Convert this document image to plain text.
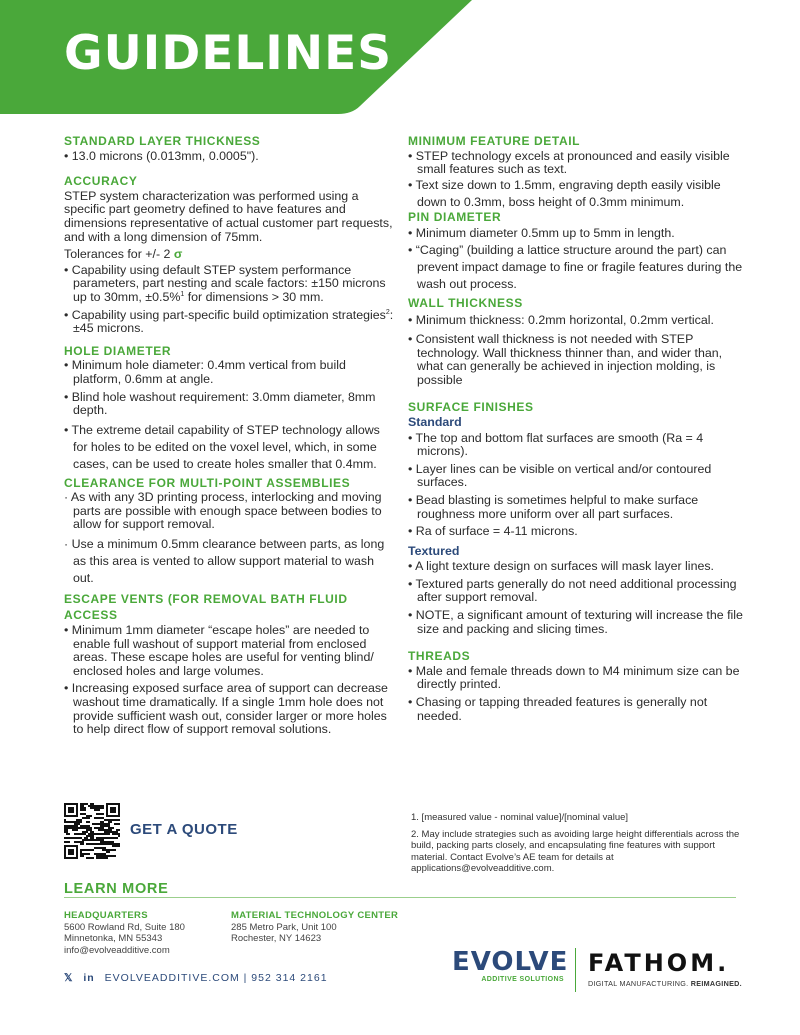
GUIDELINES
STANDARD LAYER THICKNESS
• 13.0 microns (0.013mm, 0.0005").
ACCURACY
STEP system characterization was performed using a specific part geometry defined to have features and dimensions representative of actual customer part requests, and with a long dimension of 75mm.
Tolerances for +/- 2 σ
• Capability using default STEP system performance parameters, part nesting and scale factors: ±150 microns up to 30mm, ±0.5%$^1$ for dimensions > 30 mm.
• Capability using part-specific build optimization strategies$^2$: ±45 microns.
HOLE DIAMETER
• Minimum hole diameter: 0.4mm vertical from build platform, 0.6mm at angle.
• Blind hole washout requirement: 3.0mm diameter, 8mm depth.
• The extreme detail capability of STEP technology allows for holes to be edited on the voxel level, which, in some cases, can be used to create holes smaller that 0.4mm.
CLEARANCE FOR MULTI-POINT ASSEMBLIES
· As with any 3D printing process, interlocking and moving parts are possible with enough space between bodies to allow for support removal.
· Use a minimum 0.5mm clearance between parts, as long as this area is vented to allow support material to wash out.
ESCAPE VENTS (FOR REMOVAL BATH FLUID ACCESS
• Minimum 1mm diameter “escape holes” are needed to enable full washout of support material from enclosed areas. These escape holes are useful for venting blind/ enclosed holes and large volumes.
• Increasing exposed surface area of support can decrease washout time dramatically. If a single 1mm hole does not provide sufficient wash out, consider larger or more holes to help direct flow of support removal solutions.
MINIMUM FEATURE DETAIL
• STEP technology excels at pronounced and easily visible small features such as text.
• Text size down to 1.5mm, engraving depth easily visible down to 0.3mm, boss height of 0.3mm minimum.
PIN DIAMETER
• Minimum diameter 0.5mm up to 5mm in length.
• “Caging” (building a lattice structure around the part) can prevent impact damage to fine or fragile features during the wash out process.
WALL THICKNESS
• Minimum thickness: 0.2mm horizontal, 0.2mm vertical.
• Consistent wall thickness is not needed with STEP technology. Wall thickness thinner than, and wider than, what can generally be achieved in injection molding, is possible
SURFACE FINISHES
Standard
• The top and bottom flat surfaces are smooth (Ra = 4 microns).
• Layer lines can be visible on vertical and/or contoured surfaces.
• Bead blasting is sometimes helpful to make surface roughness more uniform over all part surfaces.
• Ra of surface = 4-11 microns.
Textured
• A light texture design on surfaces will mask layer lines.
• Textured parts generally do not need additional processing after support removal.
• NOTE, a significant amount of texturing will increase the file size and packing and slicing times.
THREADS
• Male and female threads down to M4 minimum size can be directly printed.
• Chasing or tapping threaded features is generally not needed.
GET A QUOTE
1. [measured value - nominal value]/[nominal value]
2. May include strategies such as avoiding large height differentials across the build, packing parts closely, and encapsulating fine features with support material. Contact Evolve’s AE team for details at applications@evolveadditive.com.
LEARN MORE
HEADQUARTERS
5600 Rowland Rd, Suite 180
Minnetonka, MN 55343
info@evolveadditive.com
MATERIAL TECHNOLOGY CENTER
285 Metro Park, Unit 100
Rochester, NY 14623
𝕏 in EVOLVEADDITIVE.COM | 952 314 2161
EVOLVE
ADDITIVE SOLUTIONS
FATHOM.
DIGITAL MANUFACTURING. REIMAGINED.
